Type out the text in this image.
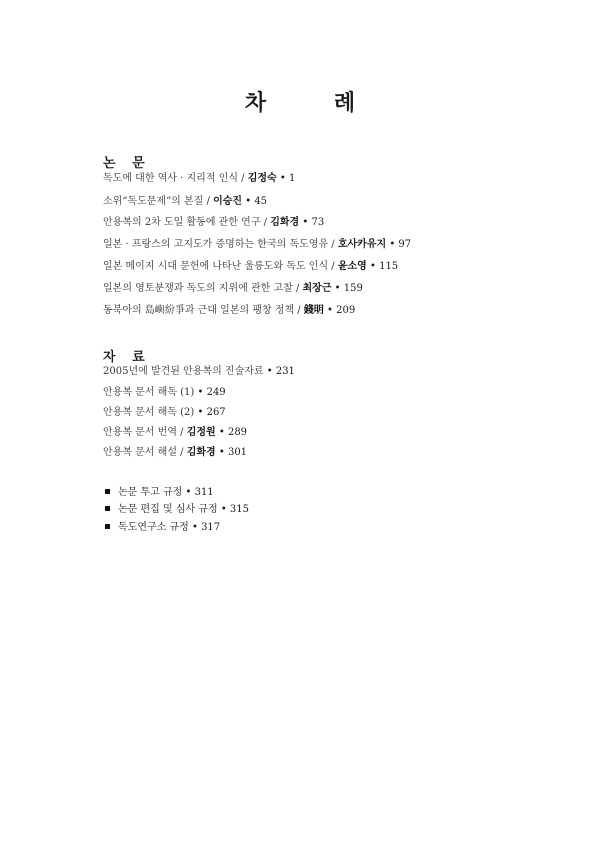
차 례
논 문
독도에 대한 역사 · 지리적 인식 / 김정숙 • 1
소위“독도문제”의 본질 / 이승진 • 45
안용복의 2차 도일 활동에 관한 연구 / 김화경 • 73
일본 · 프랑스의 고지도가 증명하는 한국의 독도영유 / 호사카유지 • 97
일본 메이지 시대 문헌에 나타난 울릉도와 독도 인식 / 윤소영 • 115
일본의 영토분쟁과 독도의 지위에 관한 고찰 / 최장근 • 159
동북아의 島嶼紛爭과 근대 일본의 팽창 정책 / 錢明 • 209
자 료
2005년에 발견된 안용복의 진술자료 • 231
안용복 문서 해독 (1) • 249
안용복 문서 해독 (2) • 267
안용복 문서 번역 / 김정원 • 289
안용복 문서 해설 / 김화경 • 301
논문 투고 규정 • 311
논문 편집 및 심사 규정 • 315
독도연구소 규정 • 317
